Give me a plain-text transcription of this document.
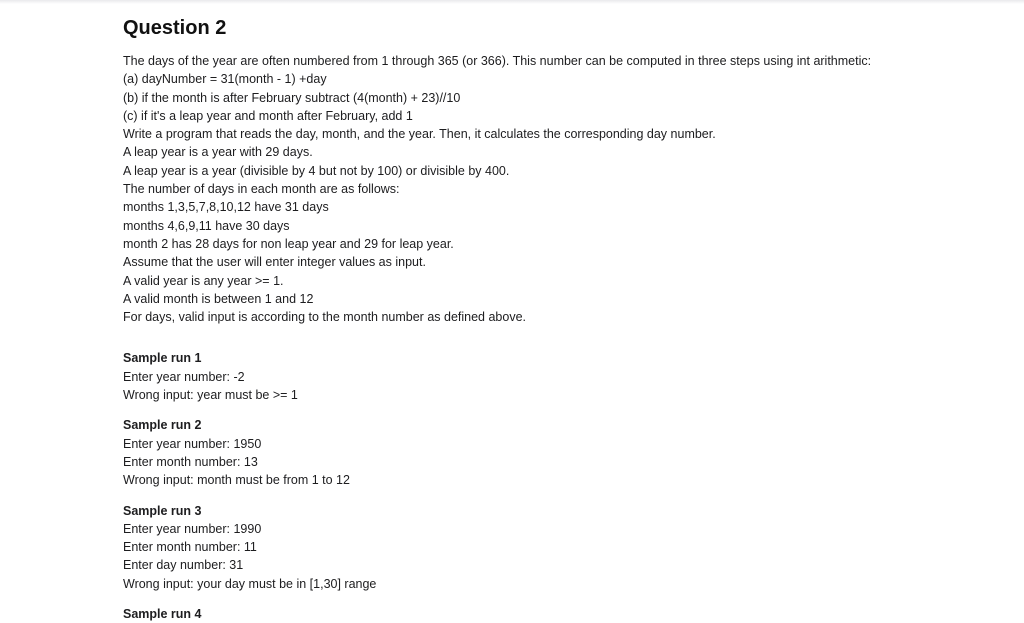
Question 2
The days of the year are often numbered from 1 through 365 (or 366). This number can be computed in three steps using int arithmetic:
(a) dayNumber = 31(month - 1) +day
(b) if the month is after February subtract (4(month) + 23)//10
(c) if it's a leap year and month after February, add 1
Write a program that reads the day, month, and the year. Then, it calculates the corresponding day number.
A leap year is a year with 29 days.
A leap year is a year (divisible by 4 but not by 100) or divisible by 400.
The number of days in each month are as follows:
months 1,3,5,7,8,10,12 have 31 days
months 4,6,9,11 have 30 days
month 2 has 28 days for non leap year and 29 for leap year.
Assume that the user will enter integer values as input.
A valid year is any year >= 1.
A valid month is between 1 and 12
For days, valid input is according to the month number as defined above.
Sample run 1
Enter year number: -2
Wrong input: year must be >= 1
Sample run 2
Enter year number: 1950
Enter month number: 13
Wrong input: month must be from 1 to 12
Sample run 3
Enter year number: 1990
Enter month number: 11
Enter day number: 31
Wrong input: your day must be in [1,30] range
Sample run 4
